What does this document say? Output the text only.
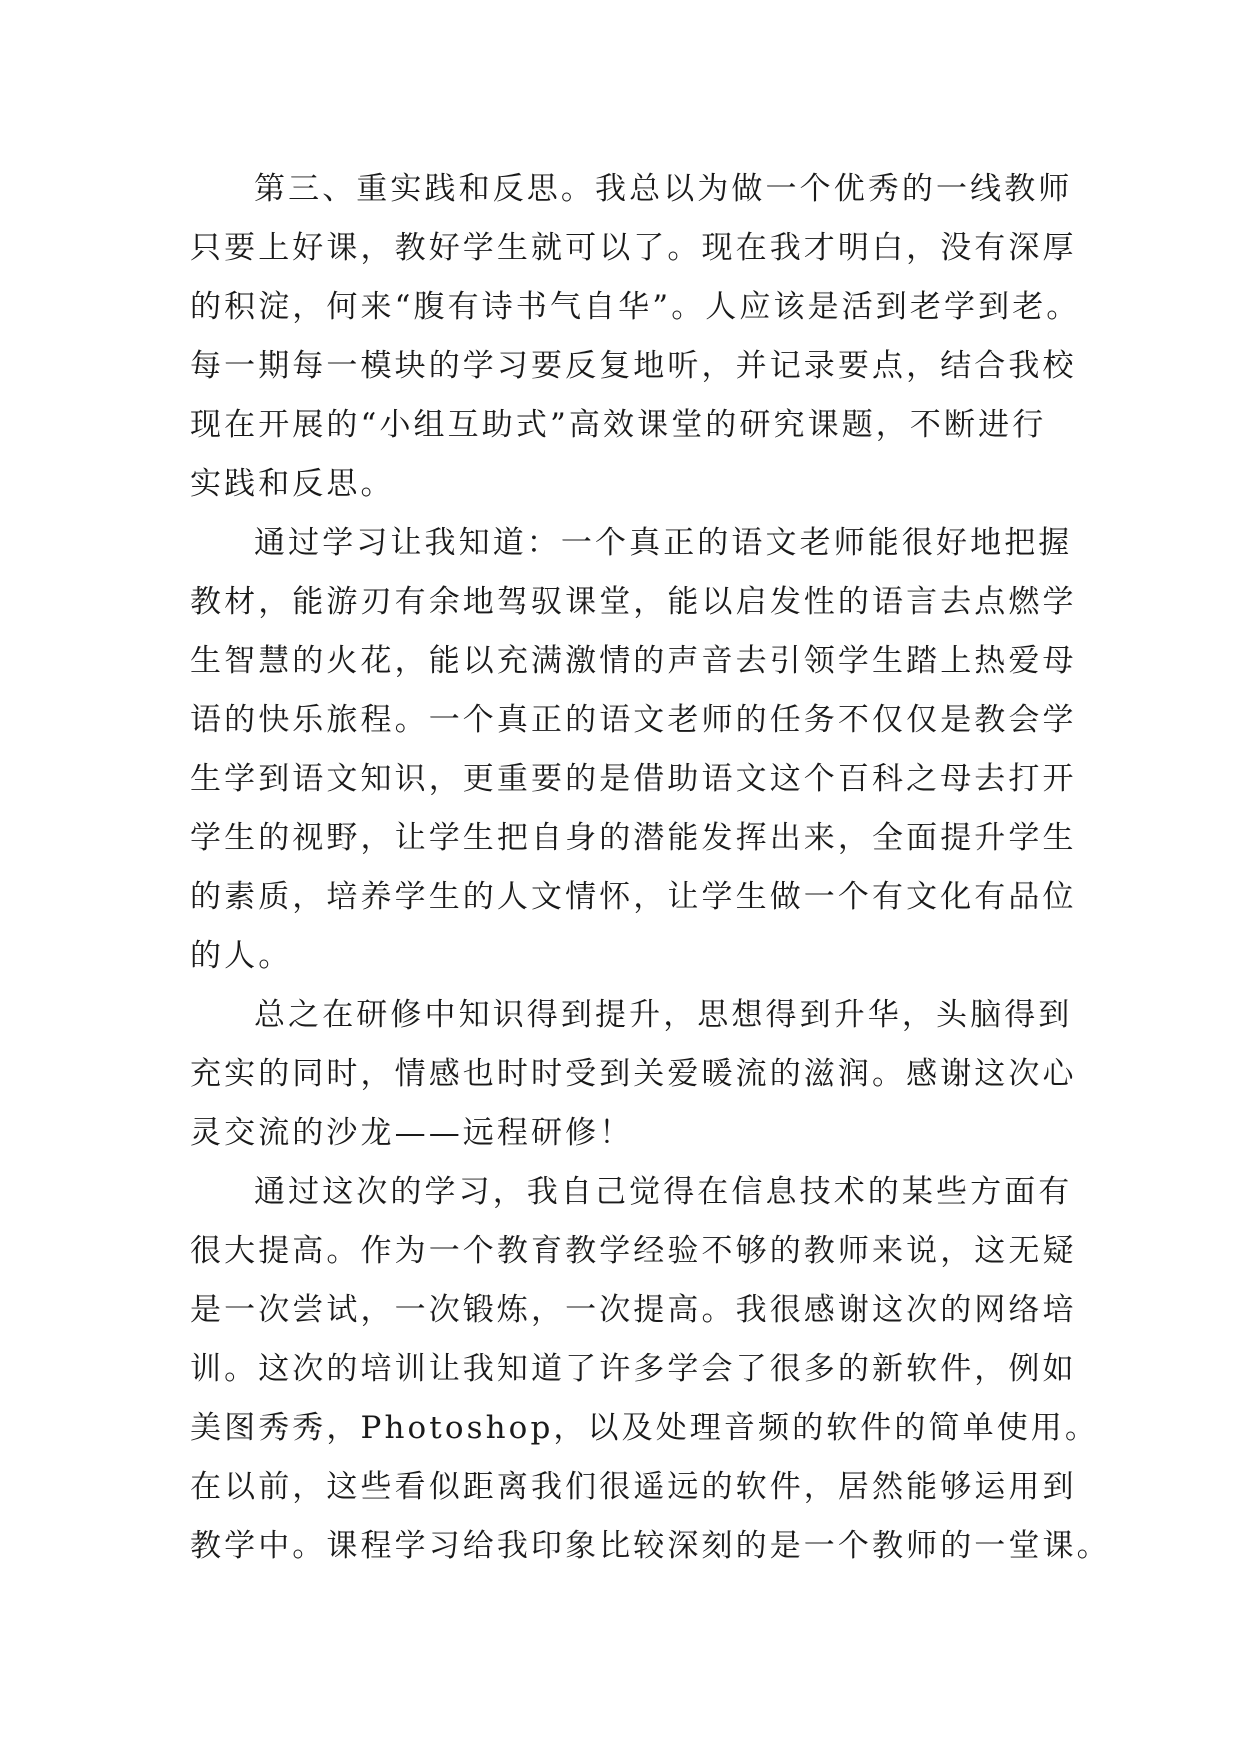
第三、重实践和反思。我总以为做一个优秀的一线教师
只要上好课，教好学生就可以了。现在我才明白，没有深厚
的积淀，何来“腹有诗书气自华”。人应该是活到老学到老。
每一期每一模块的学习要反复地听，并记录要点，结合我校
现在开展的“小组互助式”高效课堂的研究课题，不断进行
实践和反思。
通过学习让我知道：一个真正的语文老师能很好地把握
教材，能游刃有余地驾驭课堂，能以启发性的语言去点燃学
生智慧的火花，能以充满激情的声音去引领学生踏上热爱母
语的快乐旅程。一个真正的语文老师的任务不仅仅是教会学
生学到语文知识，更重要的是借助语文这个百科之母去打开
学生的视野，让学生把自身的潜能发挥出来，全面提升学生
的素质，培养学生的人文情怀，让学生做一个有文化有品位
的人。
总之在研修中知识得到提升，思想得到升华，头脑得到
充实的同时，情感也时时受到关爱暖流的滋润。感谢这次心
灵交流的沙龙——远程研修！
通过这次的学习，我自己觉得在信息技术的某些方面有
很大提高。作为一个教育教学经验不够的教师来说，这无疑
是一次尝试，一次锻炼，一次提高。我很感谢这次的网络培
训。这次的培训让我知道了许多学会了很多的新软件，例如
美图秀秀，Photoshop，以及处理音频的软件的简单使用。
在以前，这些看似距离我们很遥远的软件，居然能够运用到
教学中。课程学习给我印象比较深刻的是一个教师的一堂课。
